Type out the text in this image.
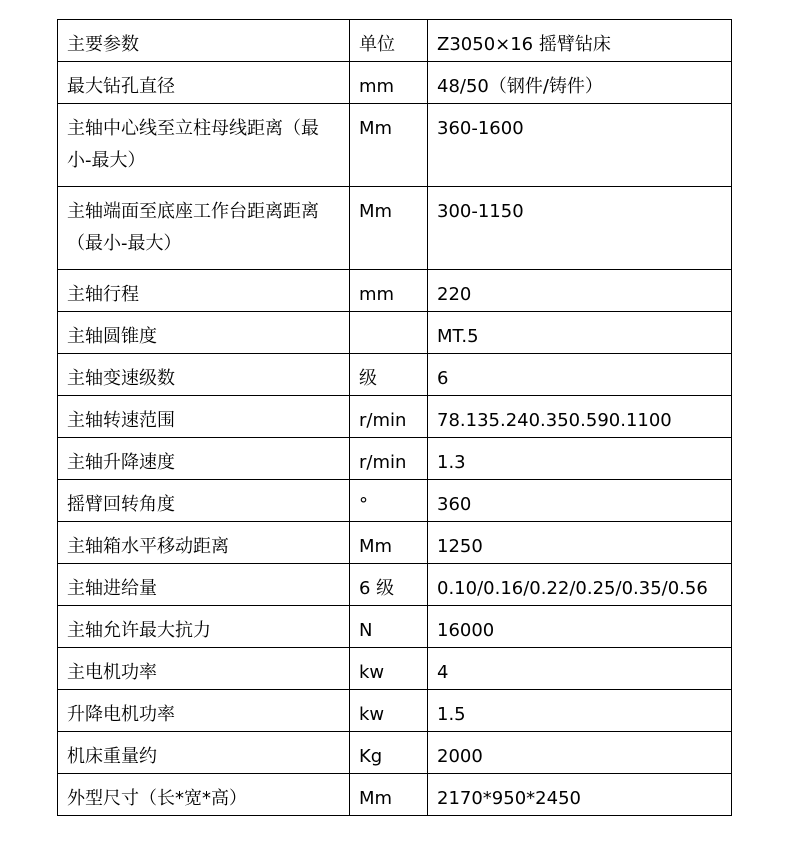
主要参数	单位	Z3050×16 摇臂钻床
最大钻孔直径	mm	48/50（钢件/铸件）
主轴中心线至立柱母线距离（最小-最大）	Mm	360-1600
主轴端面至底座工作台距离距离（最小-最大）	Mm	300-1150
主轴行程	mm	220
主轴圆锥度		MT.5
主轴变速级数	级	6
主轴转速范围	r/min	78.135.240.350.590.1100
主轴升降速度	r/min	1.3
摇臂回转角度	°	360
主轴箱水平移动距离	Mm	1250
主轴进给量	6 级	0.10/0.16/0.22/0.25/0.35/0.56
主轴允许最大抗力	N	16000
主电机功率	kw	4
升降电机功率	kw	1.5
机床重量约	Kg	2000
外型尺寸（长*宽*高）	Mm	2170*950*2450
